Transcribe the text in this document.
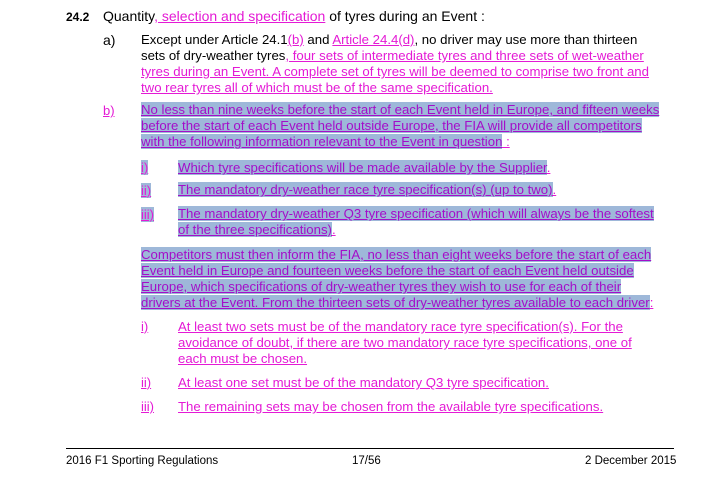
24.2 Quantity, selection and specification of tyres during an Event :
a) Except under Article 24.1(b) and Article 24.4(d), no driver may use more than thirteen
sets of dry-weather tyres, four sets of intermediate tyres and three sets of wet-weather
tyres during an Event. A complete set of tyres will be deemed to comprise two front and
two rear tyres all of which must be of the same specification.
b) No less than nine weeks before the start of each Event held in Europe, and fifteen weeks
before the start of each Event held outside Europe, the FIA will provide all competitors
with the following information relevant to the Event in question :
i) Which tyre specifications will be made available by the Supplier.
ii) The mandatory dry-weather race tyre specification(s) (up to two).
iii) The mandatory dry-weather Q3 tyre specification (which will always be the softest
of the three specifications).
Competitors must then inform the FIA, no less than eight weeks before the start of each
Event held in Europe and fourteen weeks before the start of each Event held outside
Europe, which specifications of dry-weather tyres they wish to use for each of their
drivers at the Event. From the thirteen sets of dry-weather tyres available to each driver:
i) At least two sets must be of the mandatory race tyre specification(s). For the
avoidance of doubt, if there are two mandatory race tyre specifications, one of
each must be chosen.
ii) At least one set must be of the mandatory Q3 tyre specification.
iii) The remaining sets may be chosen from the available tyre specifications.
2016 F1 Sporting Regulations	17/56	2 December 2015
